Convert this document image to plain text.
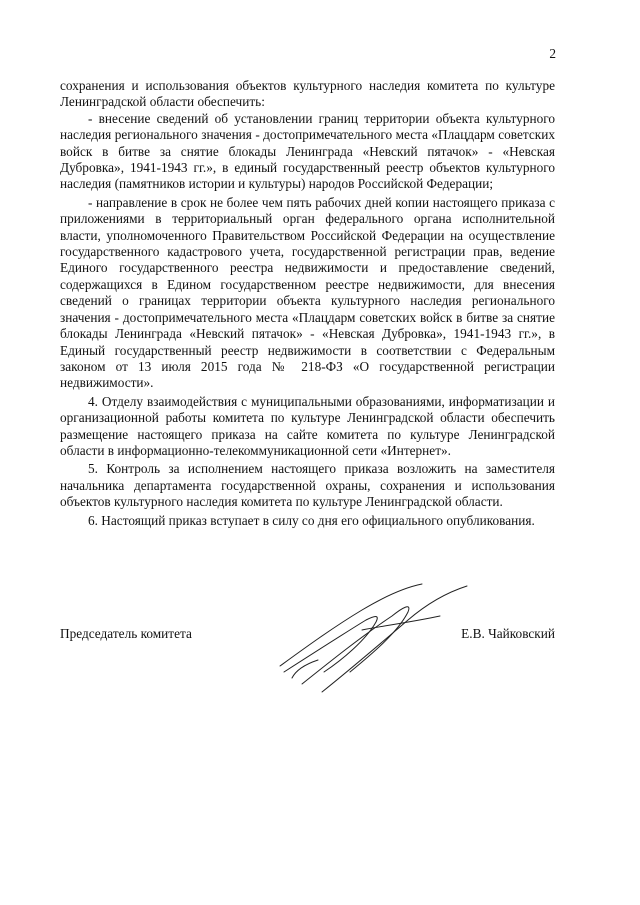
2

сохранения и использования объектов культурного наследия комитета по культуре Ленинградской области обеспечить:

- внесение сведений об установлении границ территории объекта культурного наследия регионального значения - достопримечательного места «Плацдарм советских войск в битве за снятие блокады Ленинграда «Невский пятачок» - «Невская Дубровка», 1941-1943 гг.», в единый государственный реестр объектов культурного наследия (памятников истории и культуры) народов Российской Федерации;

- направление в срок не более чем пять рабочих дней копии настоящего приказа с приложениями в территориальный орган федерального органа исполнительной власти, уполномоченного Правительством Российской Федерации на осуществление государственного кадастрового учета, государственной регистрации прав, ведение Единого государственного реестра недвижимости и предоставление сведений, содержащихся в Едином государственном реестре недвижимости, для внесения сведений о границах территории объекта культурного наследия регионального значения - достопримечательного места «Плацдарм советских войск в битве за снятие блокады Ленинграда «Невский пятачок» - «Невская Дубровка», 1941-1943 гг.», в Единый государственный реестр недвижимости в соответствии с Федеральным законом от 13 июля 2015 года № 218-ФЗ «О государственной регистрации недвижимости».

4. Отделу взаимодействия с муниципальными образованиями, информатизации и организационной работы комитета по культуре Ленинградской области обеспечить размещение настоящего приказа на сайте комитета по культуре Ленинградской области в информационно-телекоммуникационной сети «Интернет».

5. Контроль за исполнением настоящего приказа возложить на заместителя начальника департамента государственной охраны, сохранения и использования объектов культурного наследия комитета по культуре Ленинградской области.

6. Настоящий приказ вступает в силу со дня его официального опубликования.

Председатель комитета	Е.В. Чайковский
